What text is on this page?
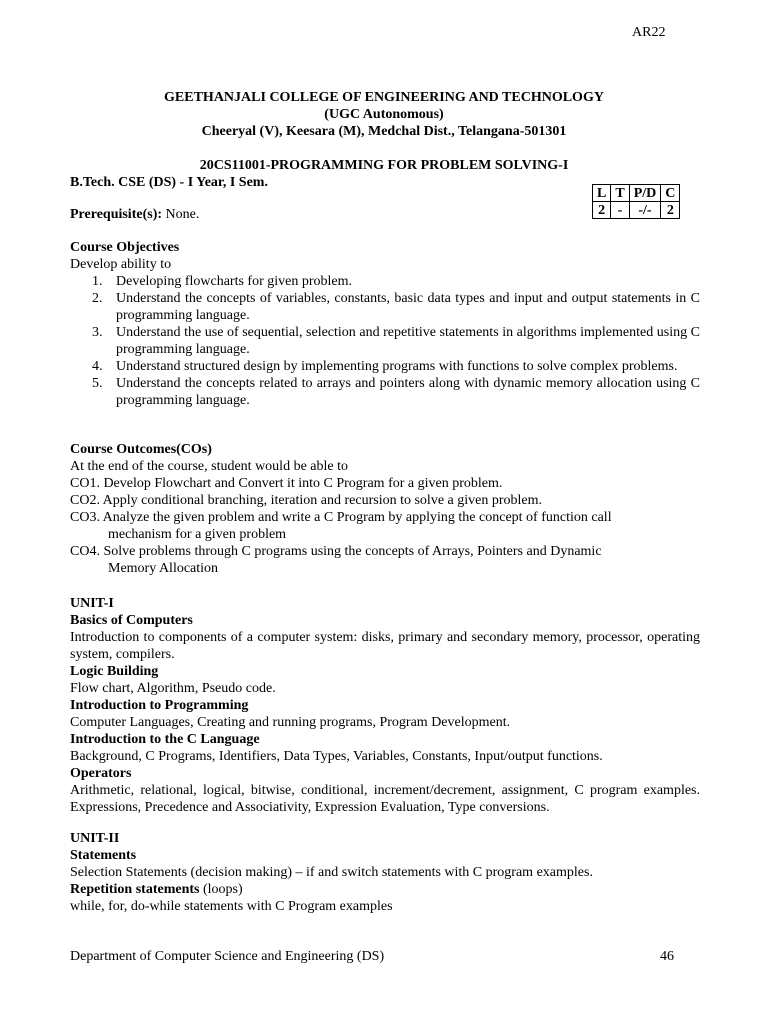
AR22
GEETHANJALI COLLEGE OF ENGINEERING AND TECHNOLOGY
(UGC Autonomous)
Cheeryal (V), Keesara (M), Medchal Dist., Telangana-501301
20CS11001-PROGRAMMING FOR PROBLEM SOLVING-I
B.Tech. CSE (DS) - I Year, I Sem.
L	T	P/D	C
2	-	-/-	2
Prerequisite(s): None.
Course Objectives
Develop ability to
1. Developing flowcharts for given problem.
2. Understand the concepts of variables, constants, basic data types and input and output statements in C programming language.
3. Understand the use of sequential, selection and repetitive statements in algorithms implemented using C programming language.
4. Understand structured design by implementing programs with functions to solve complex problems.
5. Understand the concepts related to arrays and pointers along with dynamic memory allocation using C programming language.
Course Outcomes(COs)
At the end of the course, student would be able to
CO1. Develop Flowchart and Convert it into C Program for a given problem.
CO2. Apply conditional branching, iteration and recursion to solve a given problem.
CO3. Analyze the given problem and write a C Program by applying the concept of function call
mechanism for a given problem
CO4. Solve problems through C programs using the concepts of Arrays, Pointers and Dynamic
Memory Allocation
UNIT-I
Basics of Computers
Introduction to components of a computer system: disks, primary and secondary memory, processor, operating system, compilers.
Logic Building
Flow chart, Algorithm, Pseudo code.
Introduction to Programming
Computer Languages, Creating and running programs, Program Development.
Introduction to the C Language
Background, C Programs, Identifiers, Data Types, Variables, Constants, Input/output functions.
Operators
Arithmetic, relational, logical, bitwise, conditional, increment/decrement, assignment, C program examples. Expressions, Precedence and Associativity, Expression Evaluation, Type conversions.
UNIT-II
Statements
Selection Statements (decision making) – if and switch statements with C program examples.
Repetition statements (loops)
while, for, do-while statements with C Program examples
Department of Computer Science and Engineering (DS)	46
